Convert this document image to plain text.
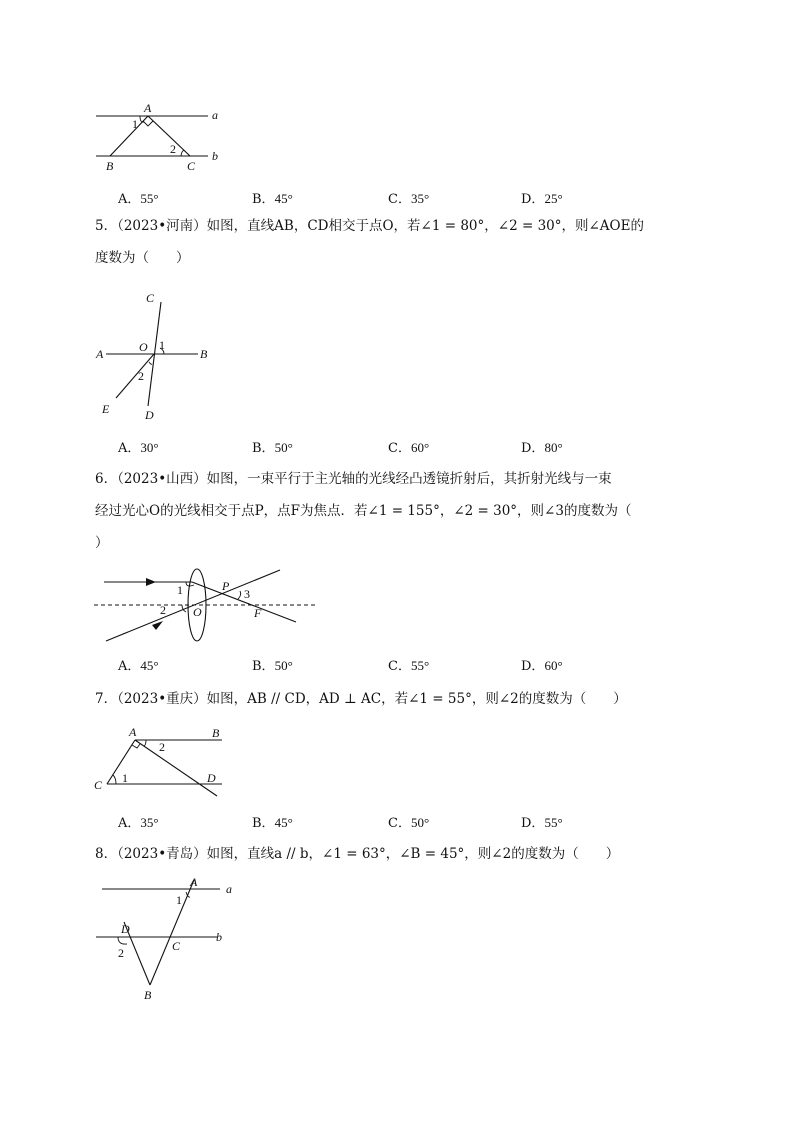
A	a
1
2
B	C
b
A．55°	B．45°	C．35°	D．25°

5．（2023•河南）如图，直线AB，CD相交于点O，若∠1 = 80°，∠2 = 30°，则∠AOE的

度数为（　　）

C
A	O 1
B
2
E	D
A．30°	B．50°	C．60°	D．80°

6．（2023•山西）如图，一束平行于主光轴的光线经凸透镜折射后，其折射光线与一束

经过光心O的光线相交于点P，点F为焦点．若∠1 = 155°，∠2 = 30°，则∠3的度数为（

）

1
2
P
3
O	F
A．45°	B．50°	C．55°	D．60°

7．（2023•重庆）如图，AB // CD，AD ⊥ AC，若∠1 = 55°，则∠2的度数为（　　）

A
2
B
C 1	D
A．35°	B．45°	C．50°	D．55°

8．（2023•青岛）如图，直线a // b，∠1 = 63°，∠B = 45°，则∠2的度数为（　　）

A a
1
D
C
b
2
B
